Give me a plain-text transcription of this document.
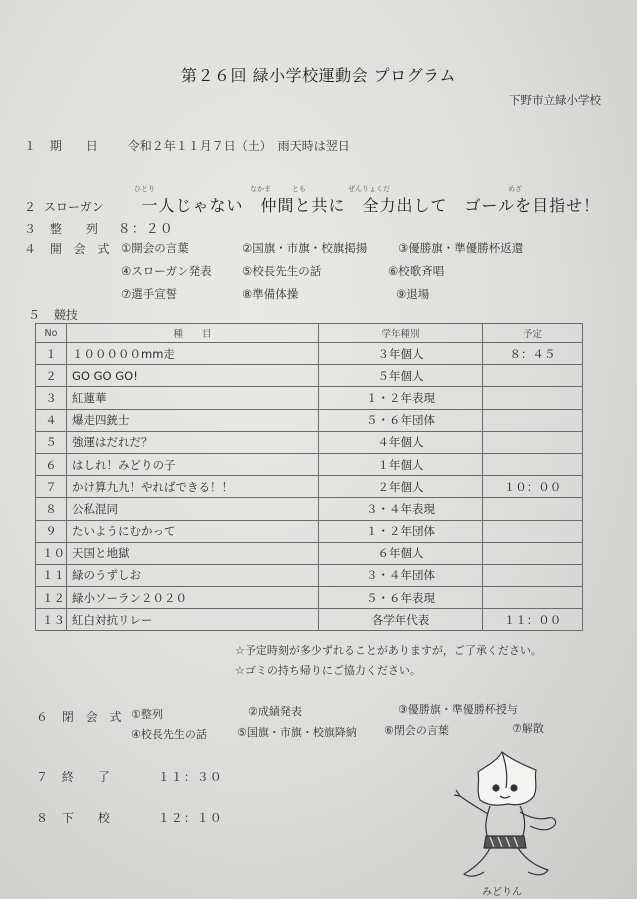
第２６回 緑小学校運動会 プログラム
下野市立緑小学校
１ 期　　日 令和２年１１月７日（土）　雨天時は翌日
ひとり	なかま	とも	ぜんりょくだ	めざ
２ スローガン 一人じゃない　仲間と共に　全力出して　ゴールを目指せ！
３ 整　　列 ８：２０
４ 開 会 式 ①開会の言葉	②国旗・市旗・校旗掲揚	③優勝旗・準優勝杯返還
④スローガン発表	⑤校長先生の話	⑥校歌斉唱
⑦選手宣誓	⑧準備体操	⑨退場
５ 競技
No	種　　目	学年種別	予定
１	１０００００mm走	３年個人	８：４５
２	GO GO GO!	５年個人	
３	紅蓮華	１・２年表現	
４	爆走四銃士	５・６年団体	
５	強運はだれだ？	４年個人	
６	はしれ！みどりの子	１年個人	
７	かけ算九九！やればできる！！	２年個人	１０：００
８	公私混同	３・４年表現	
９	たいようにむかって	１・２年団体	
１０	天国と地獄	６年個人	
１１	緑のうずしお	３・４年団体	
１２	緑小ソーラン２０２０	５・６年表現	
１３	紅白対抗リレー	各学年代表	１１：００
☆予定時刻が多少ずれることがありますが，ご了承ください。
☆ゴミの持ち帰りにご協力ください。
６ 閉 会 式 ①整列	②成績発表	③優勝旗・準優勝杯授与
④校長先生の話	⑤国旗・市旗・校旗降納 ⑥閉会の言葉	⑦解散
７ 終　　了	１１：３０
８ 下　　校	１２：１０
みどりん
